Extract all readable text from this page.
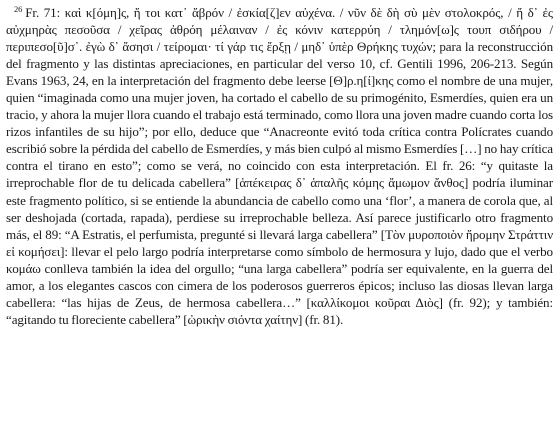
$^{26}$ Fr. 71: καὶ κ[όμη]ς, ἤ τοι κατ᾽ ἄβρόν / ἐσκία[ζ]εν αὐχένα. / νῦν δὲ δὴ σὺ μὲν στολοκρός, / ἤ δ᾽ ἐς αὐχμηρὰς πεσοῦσα / χεῖρας ἀθρόη μέλαιναν / ἐς κόνιν κατερρύη / τλημόν[ω]ς τουπ σιδήρου / περιπεσο[ῦ]σ᾽. ἐγὼ δ᾽ ἄσησι / τείρομαι· τί γάρ τις ἔρξῃ / μηδ᾽ ὑπὲρ Θρήκης τυχών; para la reconstrucción del fragmento y las distintas apreciaciones, en particular del verso 10, cf. Gentili 1996, 206-213. Según Evans 1963, 24, en la interpretación del fragmento debe leerse [Θ]ρ.η[ί]κης como el nombre de una mujer, quien “imaginada como una mujer joven, ha cortado el cabello de su primogénito, Esmerdíes, quien era un tracio, y ahora la mujer llora cuando el trabajo está terminado, como llora una joven madre cuando corta los rizos infantiles de su hijo”; por ello, deduce que “Anacreonte evitó toda crítica contra Polícrates cuando escribió sobre la pérdida del cabello de Esmerdíes, y más bien culpó al mismo Esmerdíes […] no hay crítica contra el tirano en esto”; como se verá, no coincido con esta interpretación. El fr. 26: “y quitaste la irreprochable flor de tu delicada cabellera” [ἀπέκειρας δ᾽ ἁπαλῆς κόμης ἄμωμον ἄνθος] podría iluminar este fragmento político, si se entiende la abundancia de cabello como una ‘flor’, a manera de corola que, al ser deshojada (cortada, rapada), perdiese su irreprochable belleza. Así parece justificarlo otro fragmento más, el 89: “A Estratis, el perfumista, pregunté si llevará larga cabellera” [Τὸν μυροποιὸν ἤρομην Στράττιν εἰ κομήσει]: llevar el pelo largo podría interpretarse como símbolo de hermosura y lujo, dado que el verbo κομάω conlleva también la idea del orgullo; “una larga cabellera” podría ser equivalente, en la guerra del amor, a los elegantes cascos con cimera de los poderosos guerreros épicos; incluso las diosas llevan larga cabellera: “las hijas de Zeus, de hermosa cabellera…” [καλλίκομοι κοῦραι Διὸς] (fr. 92); y también: “agitando tu floreciente cabellera” [ὠρικὴν σιόντα χαίτην] (fr. 81).
